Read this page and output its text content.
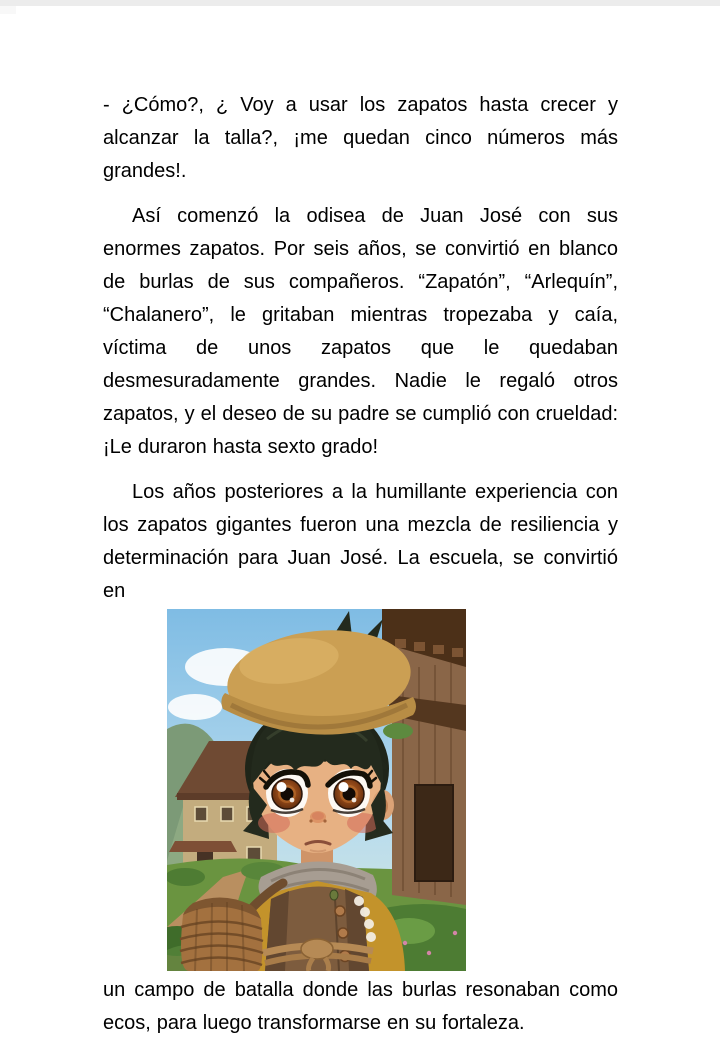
- ¿Cómo?, ¿ Voy a usar los zapatos hasta crecer y alcanzar la talla?, ¡me quedan cinco números más grandes!.

Así comenzó la odisea de Juan José con sus enormes zapatos. Por seis años, se convirtió en blanco de burlas de sus compañeros. “Zapatón”, “Arlequín”, “Chalanero”, le gritaban mientras tropezaba y caía, víctima de unos zapatos que le quedaban desmesuradamente grandes. Nadie le regaló otros zapatos, y el deseo de su padre se cumplió con crueldad: ¡Le duraron hasta sexto grado!

Los años posteriores a la humillante experiencia con los zapatos gigantes fueron una mezcla de resiliencia y determinación para Juan José. La escuela, se convirtió en

un campo de batalla donde las burlas resonaban como ecos, para luego transformarse en su fortaleza.
